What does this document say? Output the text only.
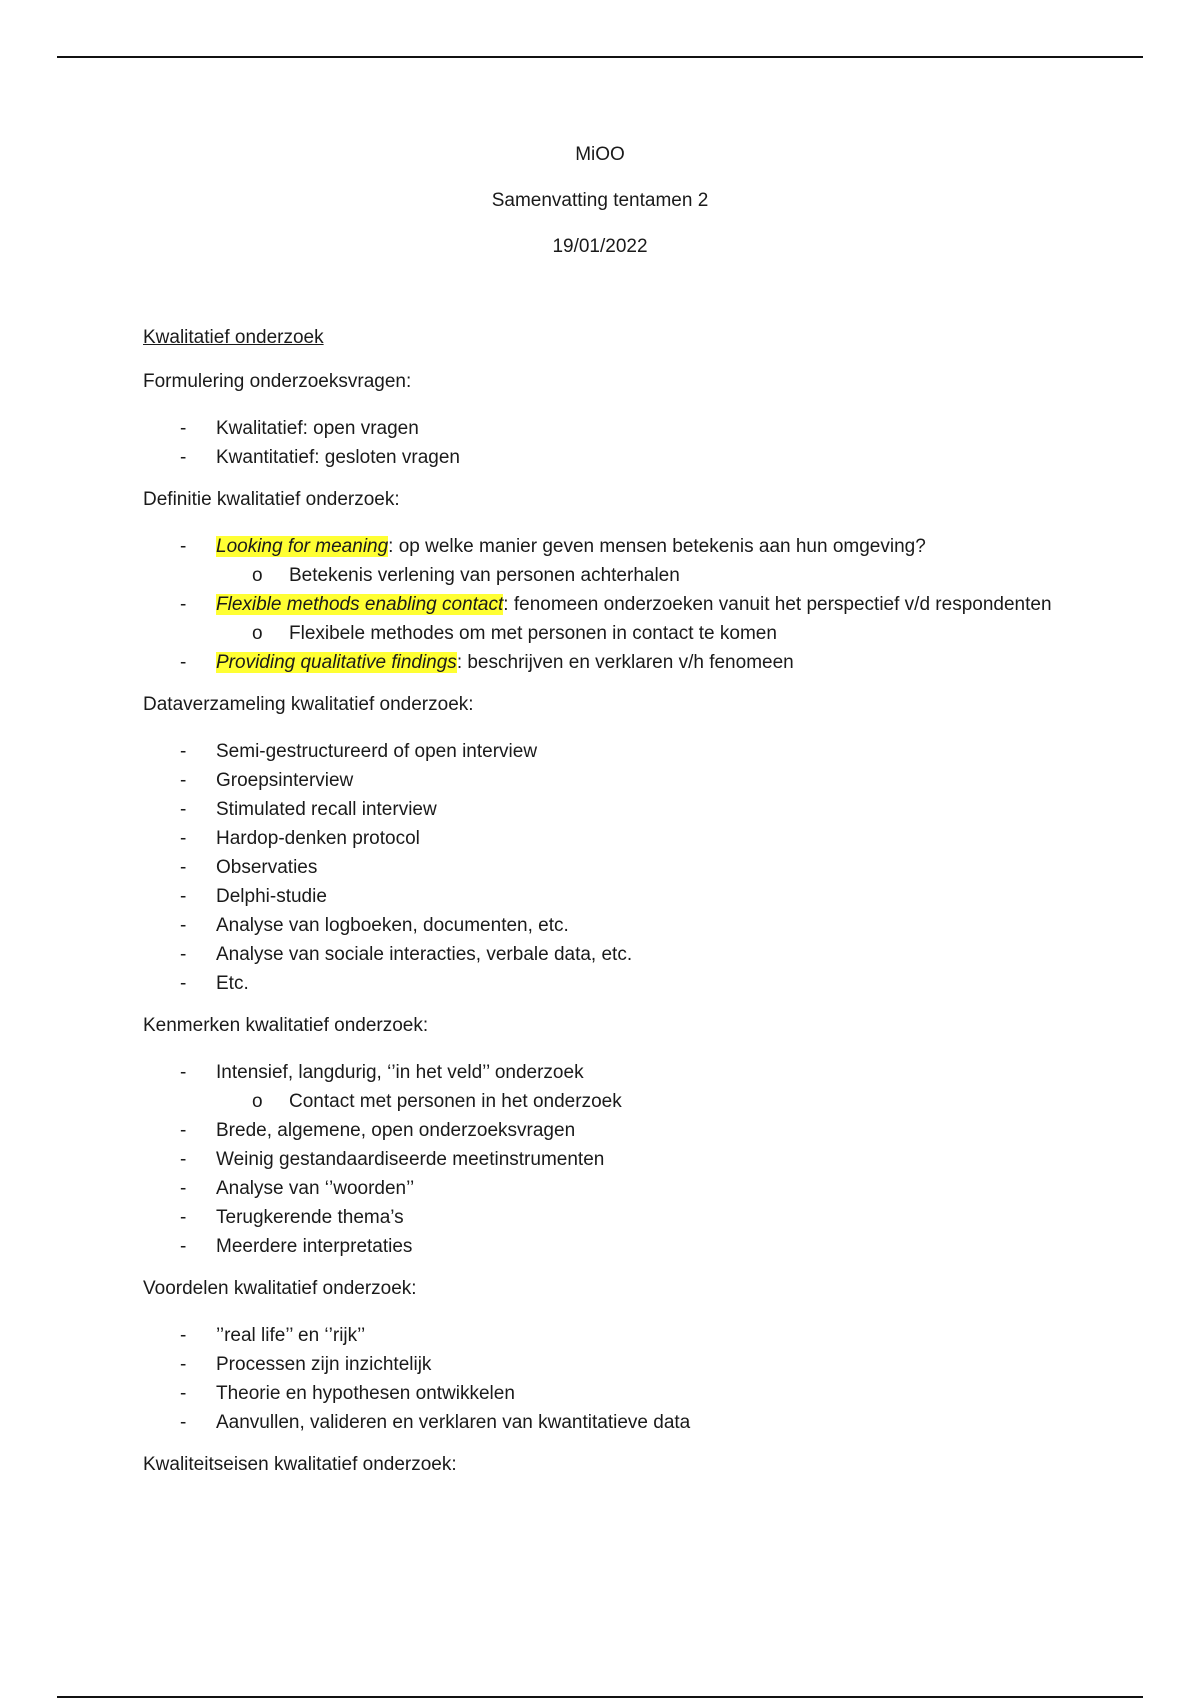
MiOO
Samenvatting tentamen 2
19/01/2022
Kwalitatief onderzoek
Formulering onderzoeksvragen:
- Kwalitatief: open vragen
- Kwantitatief: gesloten vragen
Definitie kwalitatief onderzoek:
- Looking for meaning: op welke manier geven mensen betekenis aan hun omgeving?
o	Betekenis verlening van personen achterhalen
- Flexible methods enabling contact: fenomeen onderzoeken vanuit het perspectief v/d respondenten
o	Flexibele methodes om met personen in contact te komen
- Providing qualitative findings: beschrijven en verklaren v/h fenomeen
Dataverzameling kwalitatief onderzoek:
- Semi-gestructureerd of open interview
- Groepsinterview
- Stimulated recall interview
- Hardop-denken protocol
- Observaties
- Delphi-studie
- Analyse van logboeken, documenten, etc.
- Analyse van sociale interacties, verbale data, etc.
- Etc.
Kenmerken kwalitatief onderzoek:
- Intensief, langdurig, ‘’in het veld’’ onderzoek
o	Contact met personen in het onderzoek
- Brede, algemene, open onderzoeksvragen
- Weinig gestandaardiseerde meetinstrumenten
- Analyse van ‘’woorden’’
- Terugkerende thema’s
- Meerdere interpretaties
Voordelen kwalitatief onderzoek:
- ’’real life’’ en ‘’rijk’’
- Processen zijn inzichtelijk
- Theorie en hypothesen ontwikkelen
- Aanvullen, valideren en verklaren van kwantitatieve data
Kwaliteitseisen kwalitatief onderzoek:
